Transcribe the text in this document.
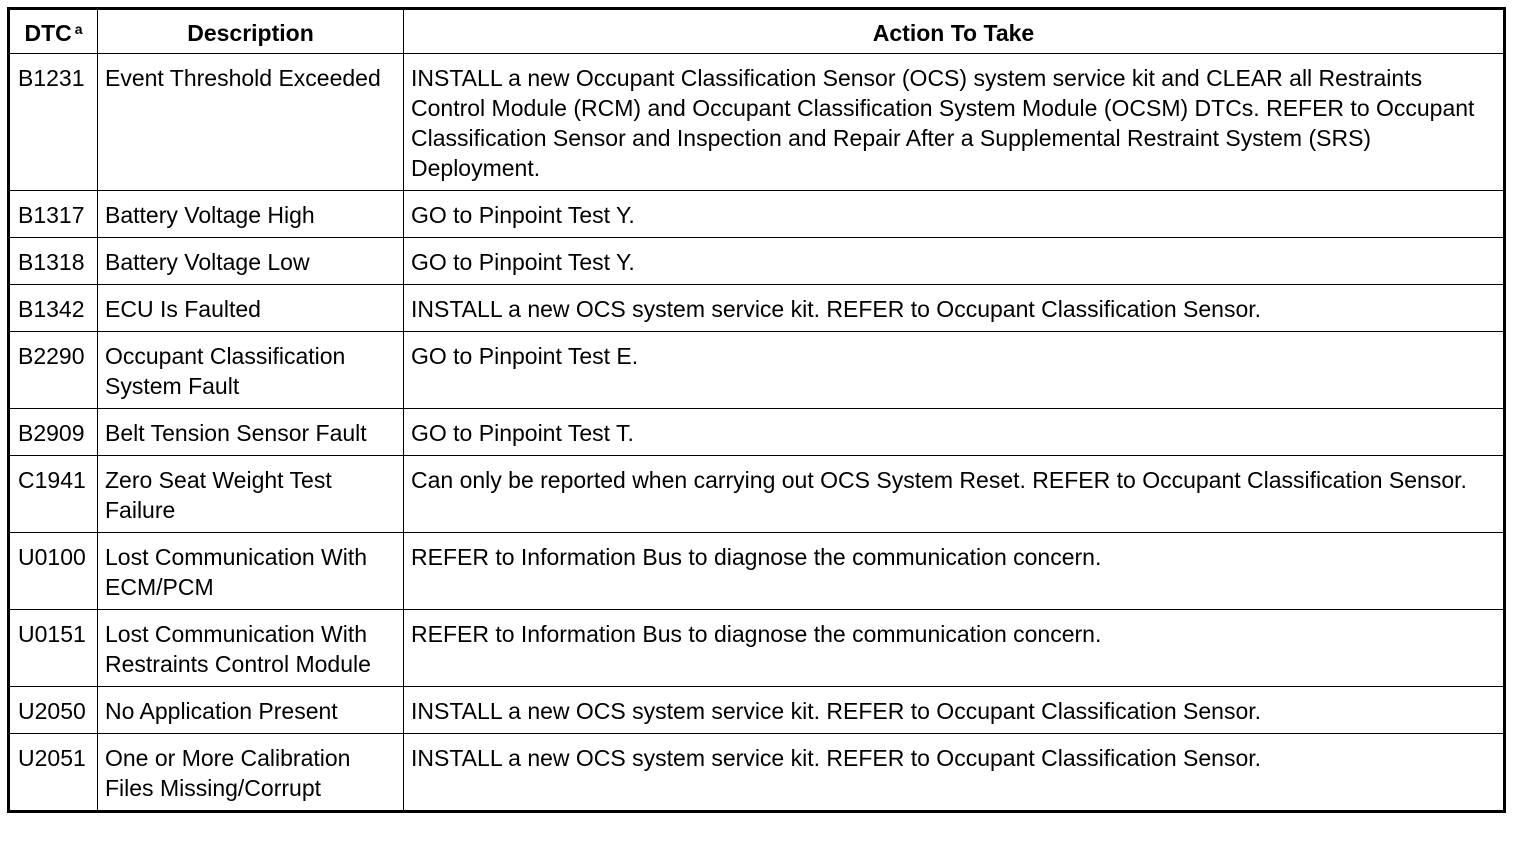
DTC $^a$	Description	Action To Take
B1231	Event Threshold Exceeded	INSTALL a new Occupant Classification Sensor (OCS) system service kit and CLEAR all Restraints Control Module (RCM) and Occupant Classification System Module (OCSM) DTCs. REFER to Occupant Classification Sensor and Inspection and Repair After a Supplemental Restraint System (SRS) Deployment.
B1317	Battery Voltage High	GO to Pinpoint Test Y.
B1318	Battery Voltage Low	GO to Pinpoint Test Y.
B1342	ECU Is Faulted	INSTALL a new OCS system service kit. REFER to Occupant Classification Sensor.
B2290	Occupant Classification System Fault	GO to Pinpoint Test E.
B2909	Belt Tension Sensor Fault	GO to Pinpoint Test T.
C1941	Zero Seat Weight Test Failure	Can only be reported when carrying out OCS System Reset. REFER to Occupant Classification Sensor.
U0100	Lost Communication With ECM/PCM	REFER to Information Bus to diagnose the communication concern.
U0151	Lost Communication With Restraints Control Module	REFER to Information Bus to diagnose the communication concern.
U2050	No Application Present	INSTALL a new OCS system service kit. REFER to Occupant Classification Sensor.
U2051	One or More Calibration Files Missing/Corrupt	INSTALL a new OCS system service kit. REFER to Occupant Classification Sensor.
